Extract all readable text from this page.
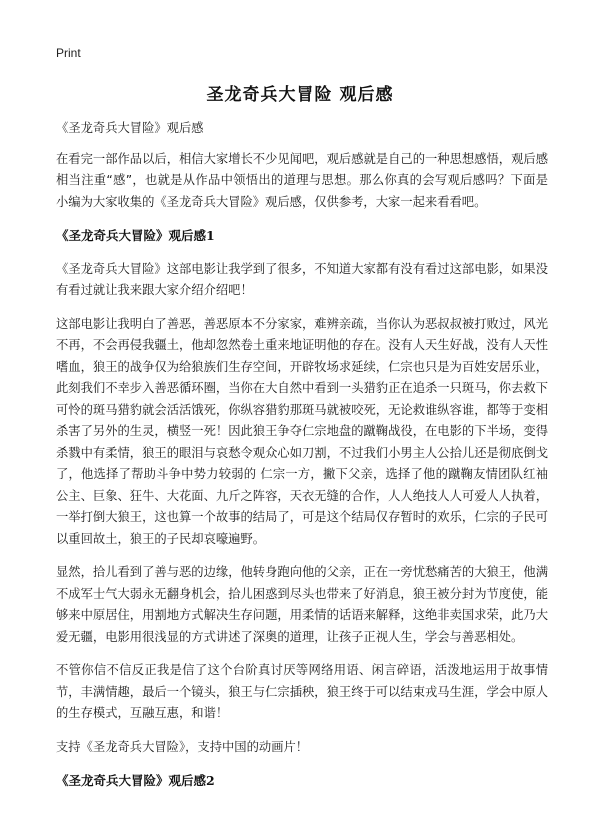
Print
圣龙奇兵大冒险 观后感

《圣龙奇兵大冒险》观后感

在看完一部作品以后，相信大家增长不少见闻吧，观后感就是自己的一种思想感悟，观后感相当注重“感”，也就是从作品中领悟出的道理与思想。那么你真的会写观后感吗？下面是小编为大家收集的《圣龙奇兵大冒险》观后感，仅供参考，大家一起来看看吧。

《圣龙奇兵大冒险》观后感1

《圣龙奇兵大冒险》这部电影让我学到了很多，不知道大家都有没有看过这部电影，如果没有看过就让我来跟大家介绍介绍吧！

这部电影让我明白了善恶，善恶原本不分家家，难辨亲疏，当你认为恶叔叔被打败过，风光不再，不会再侵我疆土，他却忽然卷土重来地证明他的存在。没有人天生好战，没有人天性嗜血，狼王的战争仅为给狼族们生存空间，开辟牧场求延续，仁宗也只是为百姓安居乐业，此刻我们不幸步入善恶循环圈，当你在大自然中看到一头猎豹正在追杀一只斑马，你去救下可怜的斑马猎豹就会活活饿死，你纵容猎豹那斑马就被咬死，无论救谁纵容谁，都等于变相杀害了另外的生灵，横竖一死！因此狼王争夺仁宗地盘的蹴鞠战役，在电影的下半场，变得杀戮中有柔情，狼王的眼泪与哀愁令观众心如刀割，不过我们小男主人公拾儿还是彻底倒戈了，他选择了帮助斗争中势力较弱的 仁宗一方，撇下父亲，选择了他的蹴鞠友情团队红袖公主、巨象、狂牛、大花面、九斤之阵容，天衣无缝的合作，人人绝技人人可爱人人执着，一举打倒大狼王，这也算一个故事的结局了，可是这个结局仅存暂时的欢乐，仁宗的子民可以重回故土，狼王的子民却哀嚎遍野。

显然，拾儿看到了善与恶的边缘，他转身跑向他的父亲，正在一旁忧愁痛苦的大狼王，他满不成军士气大弱永无翻身机会，拾儿困惑到尽头也带来了好消息，狼王被分封为节度使，能够来中原居住，用割地方式解决生存问题，用柔情的话语来解释，这绝非卖国求荣，此乃大爱无疆，电影用很浅显的方式讲述了深奥的道理，让孩子正视人生，学会与善恶相处。

不管你信不信反正我是信了这个台阶真讨厌等网络用语、闲言碎语，活泼地运用于故事情节，丰满情趣，最后一个镜头，狼王与仁宗插秧，狼王终于可以结束戎马生涯，学会中原人的生存模式，互融互惠，和谐！

支持《圣龙奇兵大冒险》，支持中国的动画片！

《圣龙奇兵大冒险》观后感2
